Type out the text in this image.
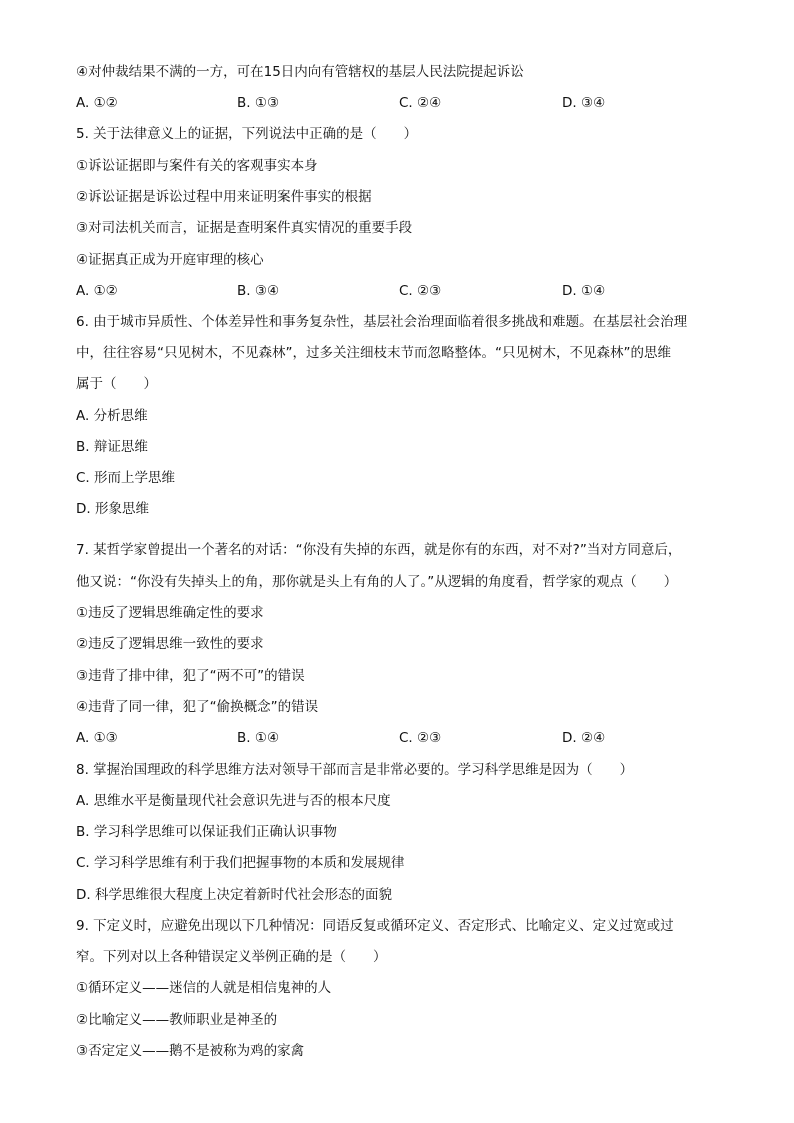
④对仲裁结果不满的一方，可在15日内向有管辖权的基层人民法院提起诉讼
A. ①②	B. ①③	C. ②④	D. ③④
5. 关于法律意义上的证据，下列说法中正确的是（　　）
①诉讼证据即与案件有关的客观事实本身
②诉讼证据是诉讼过程中用来证明案件事实的根据
③对司法机关而言，证据是查明案件真实情况的重要手段
④证据真正成为开庭审理的核心
A. ①②	B. ③④	C. ②③	D. ①④
6. 由于城市异质性、个体差异性和事务复杂性，基层社会治理面临着很多挑战和难题。在基层社会治理
中，往往容易“只见树木，不见森林”，过多关注细枝末节而忽略整体。“只见树木，不见森林”的思维
属于（　　）
A. 分析思维
B. 辩证思维
C. 形而上学思维
D. 形象思维
7. 某哲学家曾提出一个著名的对话：“你没有失掉的东西，就是你有的东西，对不对?”当对方同意后，
他又说：“你没有失掉头上的角，那你就是头上有角的人了。”从逻辑的角度看，哲学家的观点（　　）
①违反了逻辑思维确定性的要求
②违反了逻辑思维一致性的要求
③违背了排中律，犯了“两不可”的错误
④违背了同一律，犯了“偷换概念”的错误
A. ①③	B. ①④	C. ②③	D. ②④
8. 掌握治国理政的科学思维方法对领导干部而言是非常必要的。学习科学思维是因为（　　）
A. 思维水平是衡量现代社会意识先进与否的根本尺度
B. 学习科学思维可以保证我们正确认识事物
C. 学习科学思维有利于我们把握事物的本质和发展规律
D. 科学思维很大程度上决定着新时代社会形态的面貌
9. 下定义时，应避免出现以下几种情况：同语反复或循环定义、否定形式、比喻定义、定义过宽或过
窄。下列对以上各种错误定义举例正确的是（　　）
①循环定义——迷信的人就是相信鬼神的人
②比喻定义——教师职业是神圣的
③否定定义——鹅不是被称为鸡的家禽
